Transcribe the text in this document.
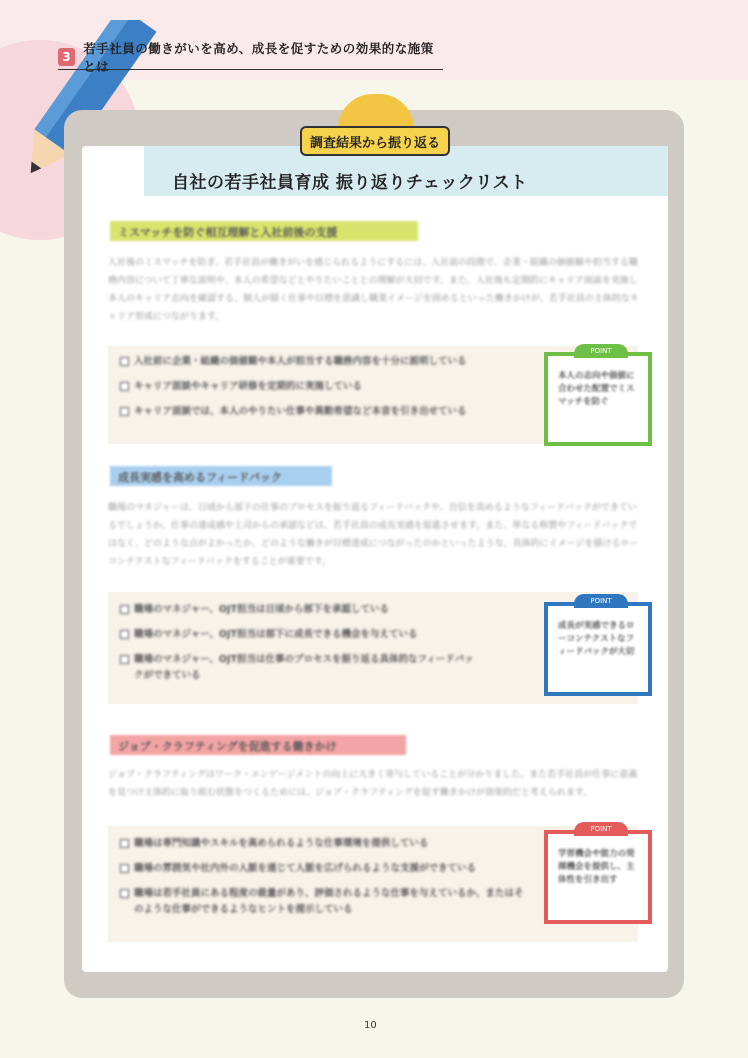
3
若手社員の働きがいを高め、成長を促すための効果的な施策とは
調査結果から振り返る
自社の若手社員育成 振り返りチェックリスト
ミスマッチを防ぐ相互理解と入社前後の支援
入社後のミスマッチを防ぎ、若手社員が働きがいを感じられるようにするには、入社前の段階で、企業・組織の価値観や担当する職務内容について丁寧な説明や、本人の希望などとやりたいこととの理解が大切です。また、入社後も定期的にキャリア面談を実施し本人のキャリア志向を確認する、個人が描く仕事や目標を意識し職業イメージを固めるといった働きかけが、若手社員の主体的なキャリア形成につながります。
入社前に企業・組織の価値観や本人が担当する職務内容を十分に説明している
キャリア面談やキャリア研修を定期的に実施している
キャリア面談では、本人のやりたい仕事や異動希望など本音を引き出せている
POINT
本人の志向や価値に合わせた配置でミスマッチを防ぐ
成長実感を高めるフィードバック
職場のマネジャーは、日頃から部下の仕事のプロセスを振り返るフィードバックや、自信を高めるようなフィードバックができているでしょうか。仕事の達成感や上司からの承認などは、若手社員の成長実感を促進させます。また、単なる称賛やフィードバックではなく、どのような点がよかったか、どのような働きが目標達成につながったのかといったような、具体的にイメージを描けるローコンテクストなフィードバックをすることが重要です。
職場のマネジャー、OJT担当は日頃から部下を承認している
職場のマネジャー、OJT担当は部下に成長できる機会を与えている
職場のマネジャー、OJT担当は仕事のプロセスを振り返る具体的なフィードバックができている
POINT
成長が実感できるローコンテクストなフィードバックが大切
ジョブ・クラフティングを促進する働きかけ
ジョブ・クラフティングはワーク・エンゲージメントの向上に大きく寄与していることが分かりました。また若手社員が仕事に意義を見つけ主体的に取り組む状態をつくるためには、ジョブ・クラフティングを促す働きかけが効果的だと考えられます。
職場は専門知識やスキルを高められるような仕事環境を提供している
職場の雰囲気や社内外の人脈を通じて人脈を広げられるような支援ができている
職場は若手社員にある程度の裁量があり、評価されるような仕事を与えているか、またはそのような仕事ができるようなヒントを提示している
POINT
学習機会や能力の発揮機会を提供し、主体性を引き出す
10
